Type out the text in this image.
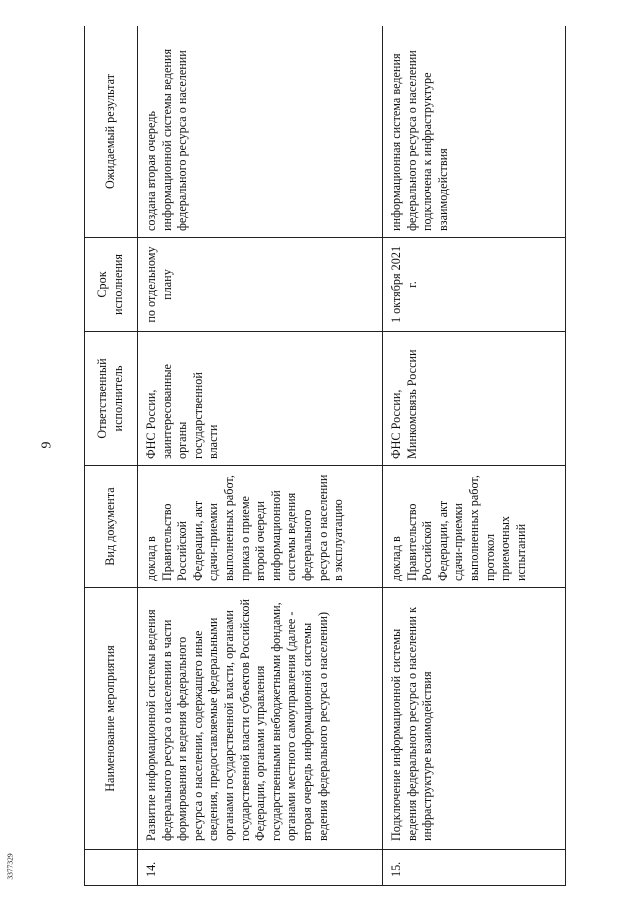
9
	Наименование мероприятия	Вид документа	Ответственный исполнитель	Срок исполнения	Ожидаемый результат
14.	Развитие информационной системы ведения федерального ресурса о населении в части формирования и ведения федерального ресурса о населении, содержащего иные сведения, предоставляемые федеральными органами государственной власти, органами государственной власти субъектов Российской Федерации, органами управления государственными внебюджетными фондами, органами местного самоуправления (далее - вторая очередь информационной системы ведения федерального ресурса о населении)	доклад в Правительство Российской Федерации, акт сдачи-приемки выполненных работ, приказ о приеме второй очереди информационной системы ведения федерального ресурса о населении в эксплуатацию	ФНС России, заинтересованные органы государственной власти	по отдельному плану	создана вторая очередь информационной системы ведения федерального ресурса о населении
15.	Подключение информационной системы ведения федерального ресурса о населении к инфраструктуре взаимодействия	доклад в Правительство Российской Федерации, акт сдачи-приемки выполненных работ, протокол приемочных испытаний	ФНС России, Минкомсвязь России	1 октября 2021 г.	информационная система ведения федерального ресурса о населении подключена к инфраструктуре взаимодействия
3377329
